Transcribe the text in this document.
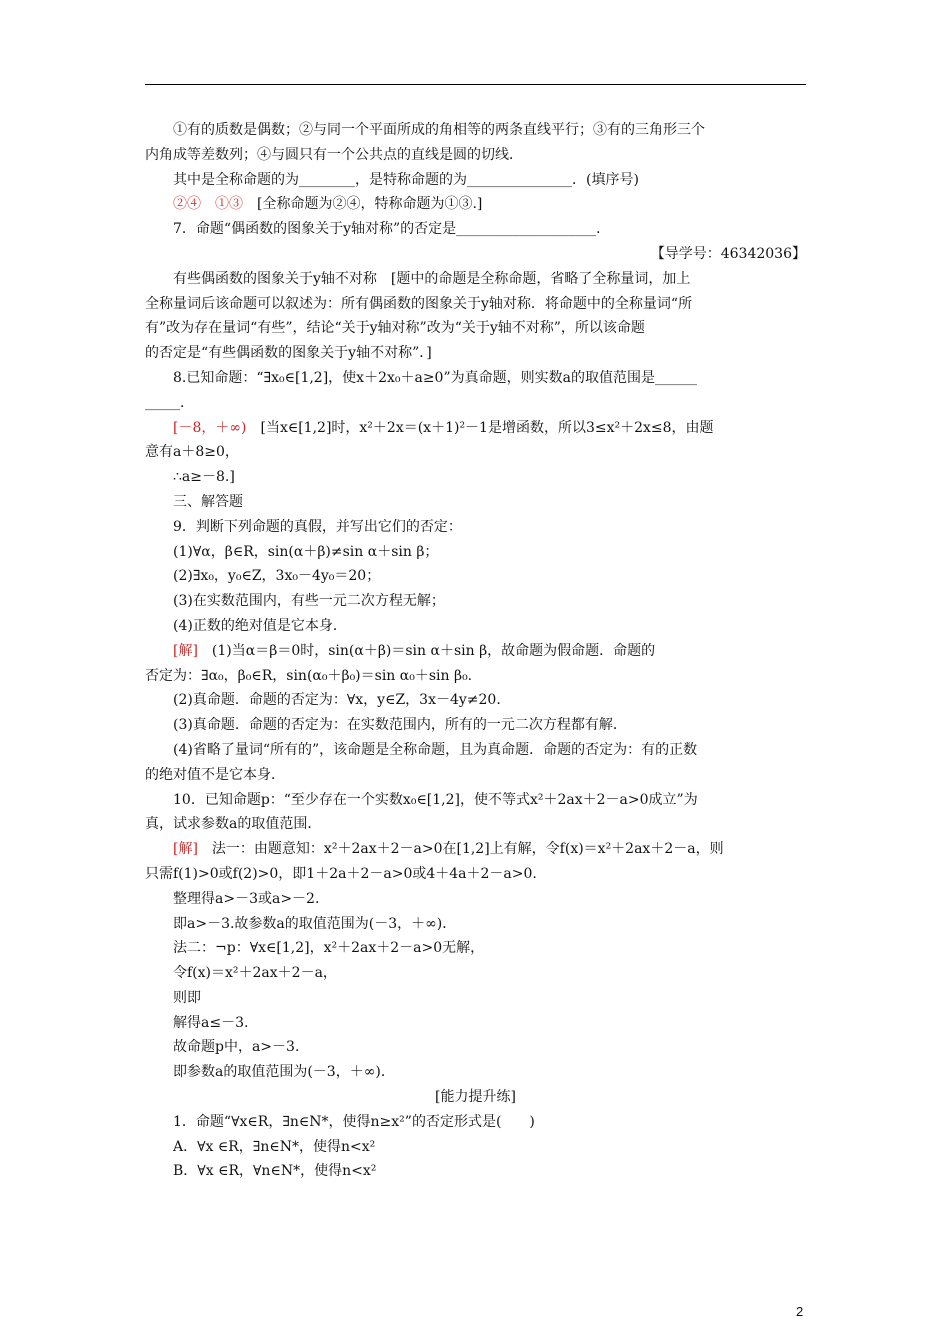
①有的质数是偶数；②与同一个平面所成的角相等的两条直线平行；③有的三角形三个

内角成等差数列；④与圆只有一个公共点的直线是圆的切线．

其中是全称命题的为________，是特称命题的为_______________．(填序号)

②④　①③　[全称命题为②④，特称命题为①③.]

7．命题“偶函数的图象关于y轴对称”的否定是____________________．

【导学号：46342036】

有些偶函数的图象关于y轴不对称　[题中的命题是全称命题，省略了全称量词，加上

全称量词后该命题可以叙述为：所有偶函数的图象关于y轴对称．将命题中的全称量词“所

有”改为存在量词“有些”，结论“关于y轴对称”改为“关于y轴不对称”，所以该命题

的否定是“有些偶函数的图象关于y轴不对称”．]

8.已知命题：“∃x₀∈[1,2]，使x＋2x₀＋a≥0”为真命题，则实数a的取值范围是______

_____．

[－8，＋∞)　[当x∈[1,2]时，x²＋2x＝(x＋1)²－1是增函数，所以3≤x²＋2x≤8，由题

意有a＋8≥0，

∴a≥－8.]

三、解答题

9．判断下列命题的真假，并写出它们的否定：

(1)∀α，β∈R，sin(α＋β)≠sin α＋sin β；

(2)∃x₀，y₀∈Z，3x₀－4y₀＝20；

(3)在实数范围内，有些一元二次方程无解；

(4)正数的绝对值是它本身．

[解]　(1)当α＝β＝0时，sin(α＋β)＝sin α＋sin β，故命题为假命题．命题的

否定为：∃α₀，β₀∈R，sin(α₀＋β₀)＝sin α₀＋sin β₀.

(2)真命题．命题的否定为：∀x，y∈Z，3x－4y≠20.

(3)真命题．命题的否定为：在实数范围内，所有的一元二次方程都有解．

(4)省略了量词“所有的”，该命题是全称命题，且为真命题．命题的否定为：有的正数

的绝对值不是它本身．

10．已知命题p：“至少存在一个实数x₀∈[1,2]，使不等式x²＋2ax＋2－a>0成立”为

真，试求参数a的取值范围．

[解]　法一：由题意知：x²＋2ax＋2－a>0在[1,2]上有解，令f(x)＝x²＋2ax＋2－a，则

只需f(1)>0或f(2)>0，即1＋2a＋2－a>0或4＋4a＋2－a>0.

整理得a>－3或a>－2.

即a>－3.故参数a的取值范围为(－3，＋∞)．

法二：¬p：∀x∈[1,2]，x²＋2ax＋2－a>0无解，

令f(x)＝x²＋2ax＋2－a，

则即

解得a≤－3.

故命题p中，a>－3.

即参数a的取值范围为(－3，＋∞)．

[能力提升练]

1．命题“∀x∈R，∃n∈N*，使得n≥x²”的否定形式是(　　)

A．∀x ∈R，∃n∈N*，使得n<x²

B．∀x ∈R，∀n∈N*，使得n<x²

2
